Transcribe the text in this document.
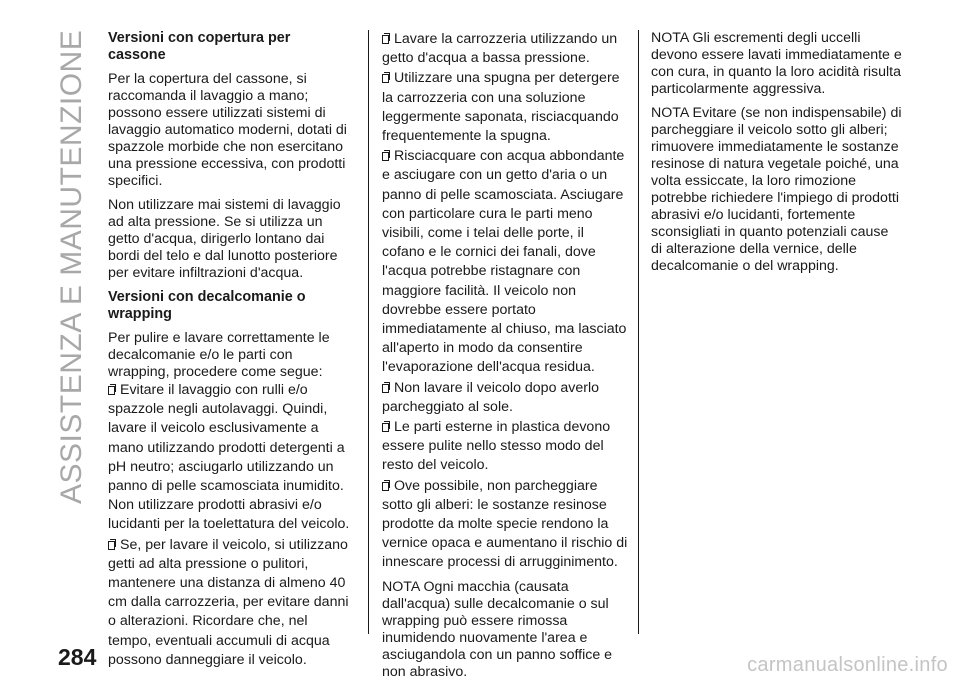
ASSISTENZA E MANUTENZIONE Versioni con copertura per cassone

Per la copertura del cassone, si raccomanda il lavaggio a mano; possono essere utilizzati sistemi di lavaggio automatico moderni, dotati di spazzole morbide che non esercitano una pressione eccessiva, con prodotti specifici.

Non utilizzare mai sistemi di lavaggio ad alta pressione. Se si utilizza un getto d'acqua, dirigerlo lontano dai bordi del telo e dal lunotto posteriore per evitare infiltrazioni d'acqua.

Versioni con decalcomanie o wrapping

Per pulire e lavare correttamente le decalcomanie e/o le parti con wrapping, procedere come segue:

Evitare il lavaggio con rulli e/o spazzole negli autolavaggi. Quindi, lavare il veicolo esclusivamente a mano utilizzando prodotti detergenti a pH neutro; asciugarlo utilizzando un panno di pelle scamosciata inumidito. Non utilizzare prodotti abrasivi e/o lucidanti per la toelettatura del veicolo.
Se, per lavare il veicolo, si utilizzano getti ad alta pressione o pulitori, mantenere una distanza di almeno 40 cm dalla carrozzeria, per evitare danni o alterazioni. Ricordare che, nel tempo, eventuali accumuli di acqua possono danneggiare il veicolo.
Lavare la carrozzeria utilizzando un getto d'acqua a bassa pressione.
Utilizzare una spugna per detergere la carrozzeria con una soluzione leggermente saponata, risciacquando frequentemente la spugna.
Risciacquare con acqua abbondante e asciugare con un getto d'aria o un panno di pelle scamosciata. Asciugare con particolare cura le parti meno visibili, come i telai delle porte, il cofano e le cornici dei fanali, dove l'acqua potrebbe ristagnare con maggiore facilità. Il veicolo non dovrebbe essere portato immediatamente al chiuso, ma lasciato all'aperto in modo da consentire l'evaporazione dell'acqua residua.
Non lavare il veicolo dopo averlo parcheggiato al sole.
Le parti esterne in plastica devono essere pulite nello stesso modo del resto del veicolo.
Ove possibile, non parcheggiare sotto gli alberi: le sostanze resinose prodotte da molte specie rendono la vernice opaca e aumentano il rischio di innescare processi di arrugginimento.

NOTA Ogni macchia (causata dall'acqua) sulle decalcomanie o sul wrapping può essere rimossa inumidendo nuovamente l'area e asciugandola con un panno soffice e non abrasivo.

NOTA Gli escrementi degli uccelli devono essere lavati immediatamente e con cura, in quanto la loro acidità risulta particolarmente aggressiva.

NOTA Evitare (se non indispensabile) di parcheggiare il veicolo sotto gli alberi; rimuovere immediatamente le sostanze resinose di natura vegetale poiché, una volta essiccate, la loro rimozione potrebbe richiedere l'impiego di prodotti abrasivi e/o lucidanti, fortemente sconsigliati in quanto potenziali cause di alterazione della vernice, delle decalcomanie o del wrapping.

284	carmanualsonline.info
